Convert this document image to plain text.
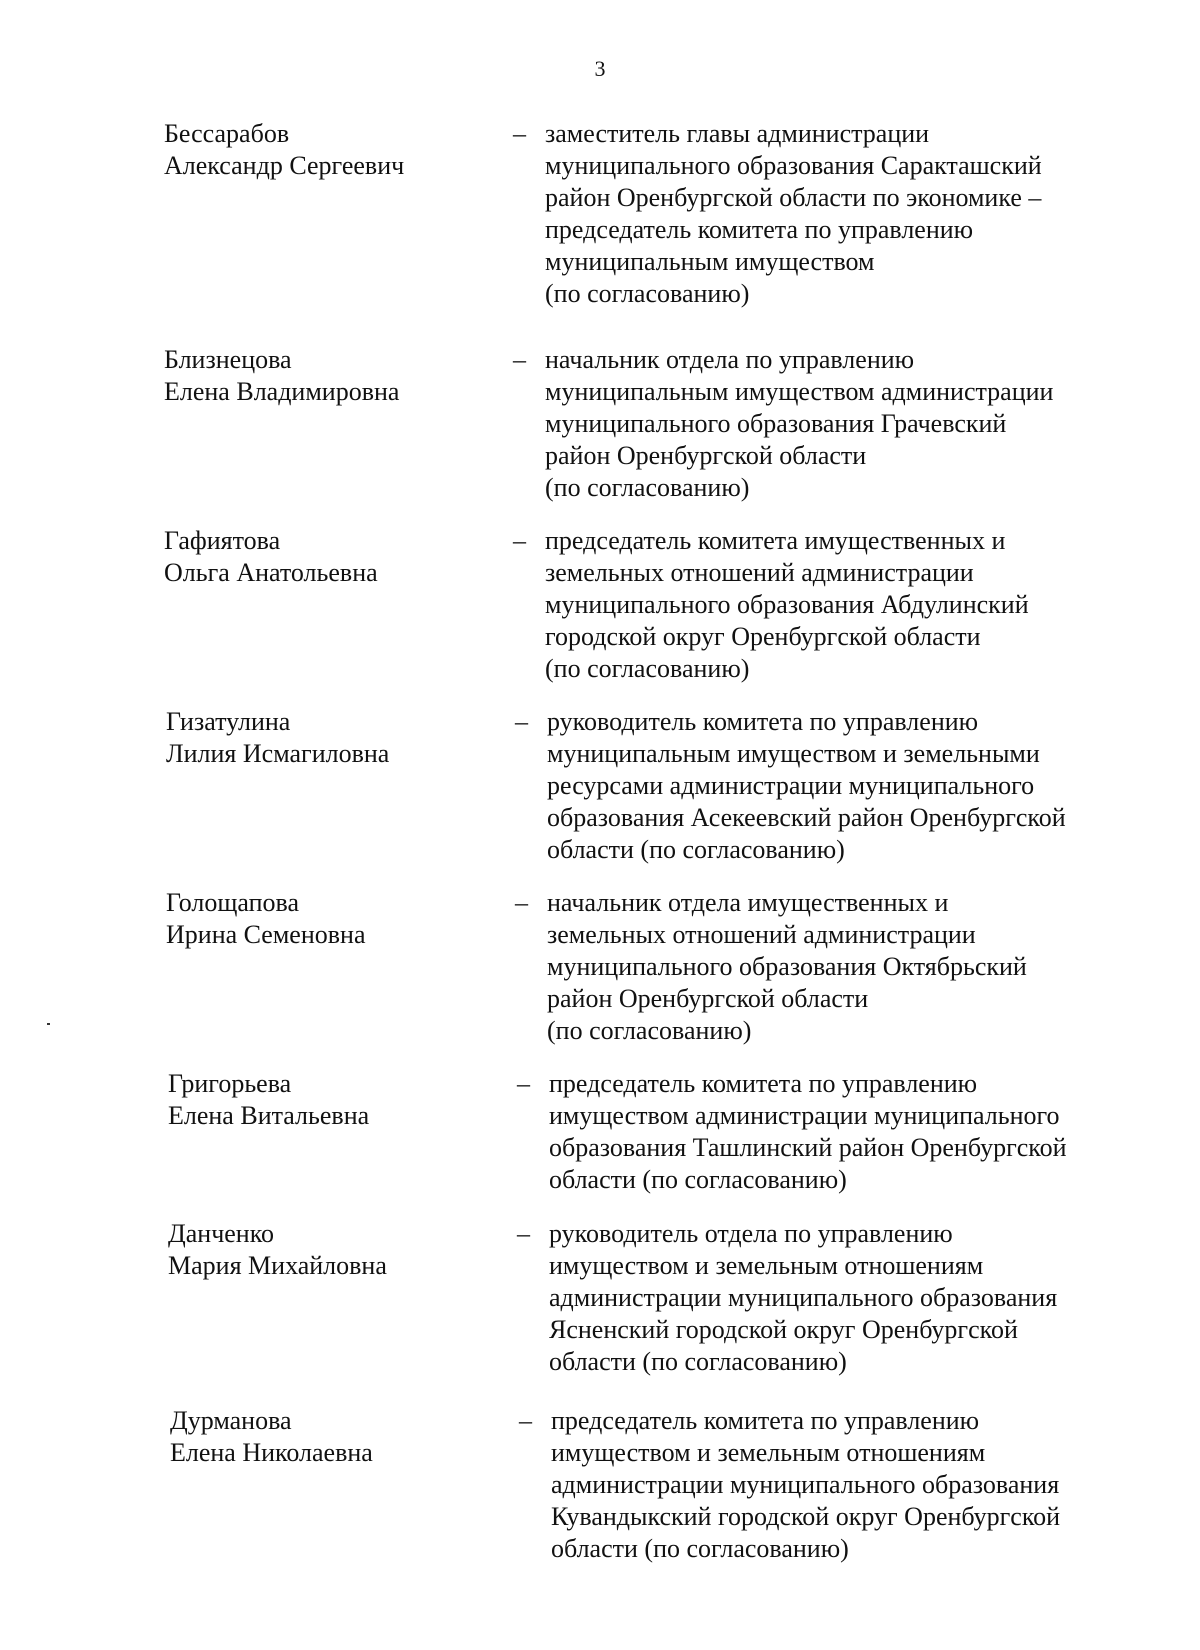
3
Бессарабов
Александр Сергеевич
– заместитель главы администрации
муниципального образования Саракташский
район Оренбургской области по экономике –
председатель комитета по управлению
муниципальным имуществом
(по согласованию)
Близнецова
Елена Владимировна
– начальник отдела по управлению
муниципальным имуществом администрации
муниципального образования Грачевский
район Оренбургской области
(по согласованию)
Гафиятова
Ольга Анатольевна
– председатель комитета имущественных и
земельных отношений администрации
муниципального образования Абдулинский
городской округ Оренбургской области
(по согласованию)
Гизатулина
Лилия Исмагиловна
– руководитель комитета по управлению
муниципальным имуществом и земельными
ресурсами администрации муниципального
образования Асекеевский район Оренбургской
области (по согласованию)
Голощапова
Ирина Семеновна
– начальник отдела имущественных и
земельных отношений администрации
муниципального образования Октябрьский
район Оренбургской области
(по согласованию)
Григорьева
Елена Витальевна
– председатель комитета по управлению
имуществом администрации муниципального
образования Ташлинский район Оренбургской
области (по согласованию)
Данченко
Мария Михайловна
– руководитель отдела по управлению
имуществом и земельным отношениям
администрации муниципального образования
Ясненский городской округ Оренбургской
области (по согласованию)
Дурманова
Елена Николаевна
– председатель комитета по управлению
имуществом и земельным отношениям
администрации муниципального образования
Кувандыкский городской округ Оренбургской
области (по согласованию)
